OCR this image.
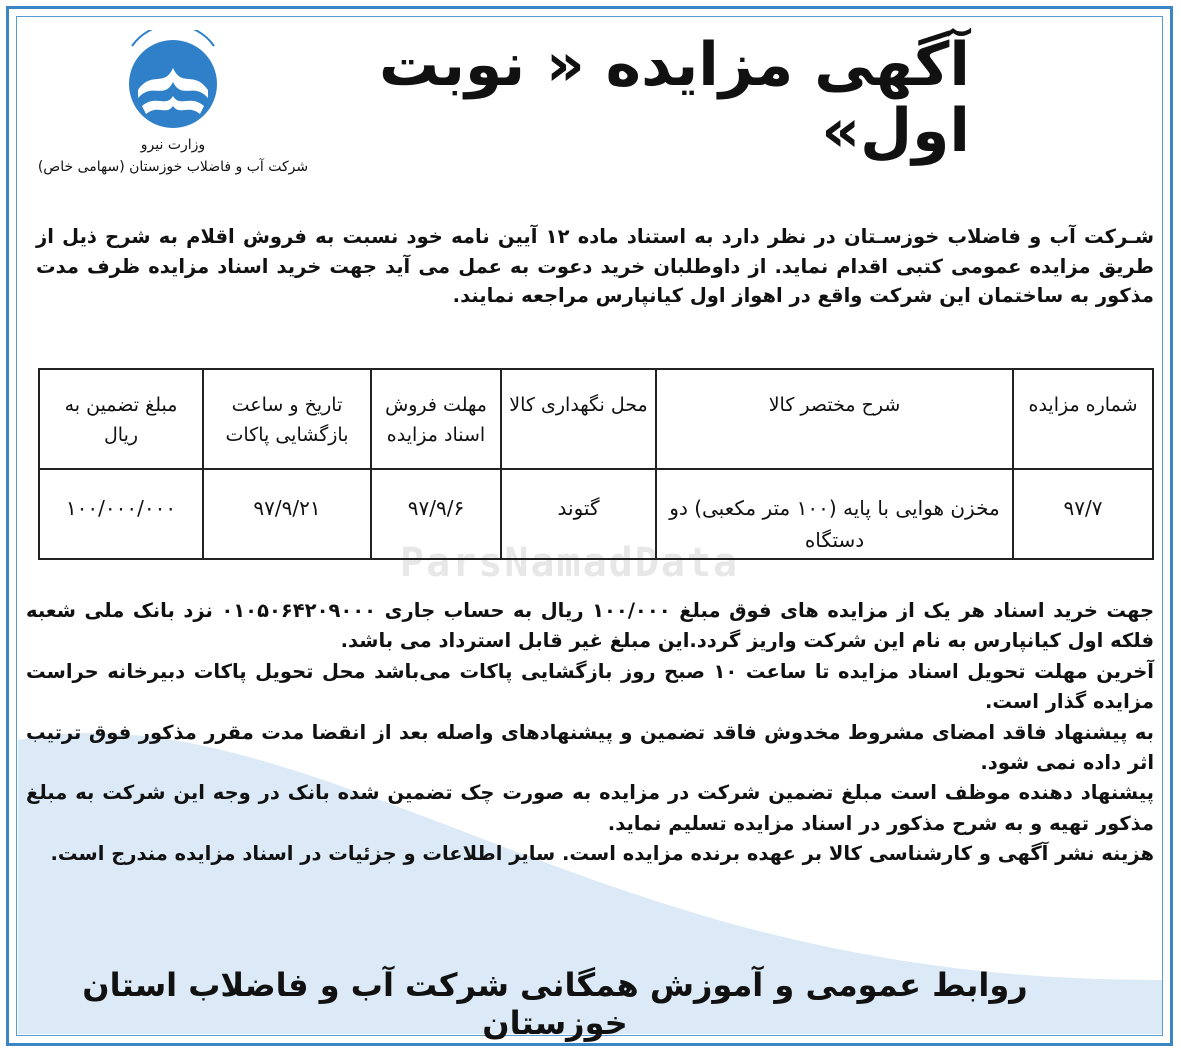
ParsNamadData
آگهی مزایده « نوبت اول»
وزارت نیرو
شرکت آب و فاضلاب خوزستان (سهامی خاص)
شـرکت آب و فاضلاب خوزسـتان در نظر دارد به استناد ماده ۱۲ آیین نامه خود نسبت به فروش اقلام به شرح ذیل از طریق مزایده عمومی کتبی اقدام نماید. از داوطلبان خرید دعوت به عمل می آید جهت خرید اسناد مزایده ظرف مدت مذکور به ساختمان این شرکت واقع در اهواز اول کیانپارس مراجعه نمایند.
شماره مزایده	شرح مختصر کالا	محل نگهداری کالا	مهلت فروش اسناد مزایده	تاریخ و ساعت بازگشایی پاکات	مبلغ تضمین به ریال
۹۷/۷	مخزن هوایی با پایه (۱۰۰ متر مکعبی) دو دستگاه	گتوند	۹۷/۹/۶	۹۷/۹/۲۱	۱۰۰/۰۰۰/۰۰۰

جهت خرید اسناد هر یک از مزایده های فوق مبلغ ۱۰۰/۰۰۰ ریال به حساب جاری ۰۱۰۵۰۶۴۲۰۹۰۰۰ نزد بانک ملی شعبه فلکه اول کیانپارس به نام این شرکت واریز گردد.این مبلغ غیر قابل استرداد می باشد.

آخرین مهلت تحویل اسناد مزایده تا ساعت ۱۰ صبح روز بازگشایی پاکات می‌باشد محل تحویل پاکات دبیرخانه حراست مزایده گذار است.

به پیشنهاد فاقد امضای مشروط مخدوش فاقد تضمین و پیشنهادهای واصله بعد از انقضا مدت مقرر مذکور فوق ترتیب اثر داده نمی شود.

پیشنهاد دهنده موظف است مبلغ تضمین شرکت در مزایده به صورت چک تضمین شده بانک در وجه این شرکت به مبلغ مذکور تهیه و به شرح مذکور در اسناد مزایده تسلیم نماید.

هزینه نشر آگهی و کارشناسی کالا بر عهده برنده مزایده است. سایر اطلاعات و جزئیات در اسناد مزایده مندرج است.

روابط عمومی و آموزش همگانی شرکت آب و فاضلاب استان خوزستان
